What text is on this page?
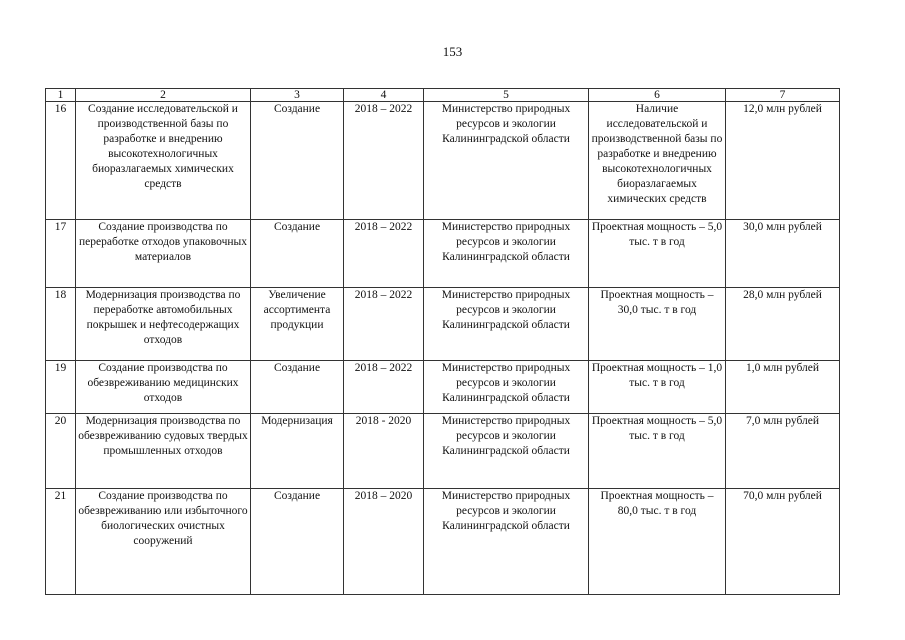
153
1	2	3	4	5	6	7
16	Создание исследовательской и производственной базы по разработке и внедрению высокотехнологичных биоразлагаемых химических средств	Создание	2018 – 2022	Министерство природных ресурсов и экологии Калининградской области	Наличие исследовательской и производственной базы по разработке и внедрению высокотехнологичных биоразлагаемых химических средств	12,0 млн рублей
17	Создание производства по переработке отходов упаковочных материалов	Создание	2018 – 2022	Министерство природных ресурсов и экологии Калининградской области	Проектная мощность – 5,0 тыс. т в год	30,0 млн рублей
18	Модернизация производства по переработке автомобильных покрышек и нефтесодержащих отходов	Увеличение ассортимента продукции	2018 – 2022	Министерство природных ресурсов и экологии Калининградской области	Проектная мощность – 30,0 тыс. т в год	28,0 млн рублей
19	Создание производства по обезвреживанию медицинских отходов	Создание	2018 – 2022	Министерство природных ресурсов и экологии Калининградской области	Проектная мощность – 1,0 тыс. т в год	1,0 млн рублей
20	Модернизация производства по обезвреживанию судовых твердых промышленных отходов	Модернизация	2018 - 2020	Министерство природных ресурсов и экологии Калининградской области	Проектная мощность – 5,0 тыс. т в год	7,0 млн рублей
21	Создание производства по обезвреживанию или избыточного биологических очистных сооружений	Создание	2018 – 2020	Министерство природных ресурсов и экологии Калининградской области	Проектная мощность – 80,0 тыс. т в год	70,0 млн рублей
